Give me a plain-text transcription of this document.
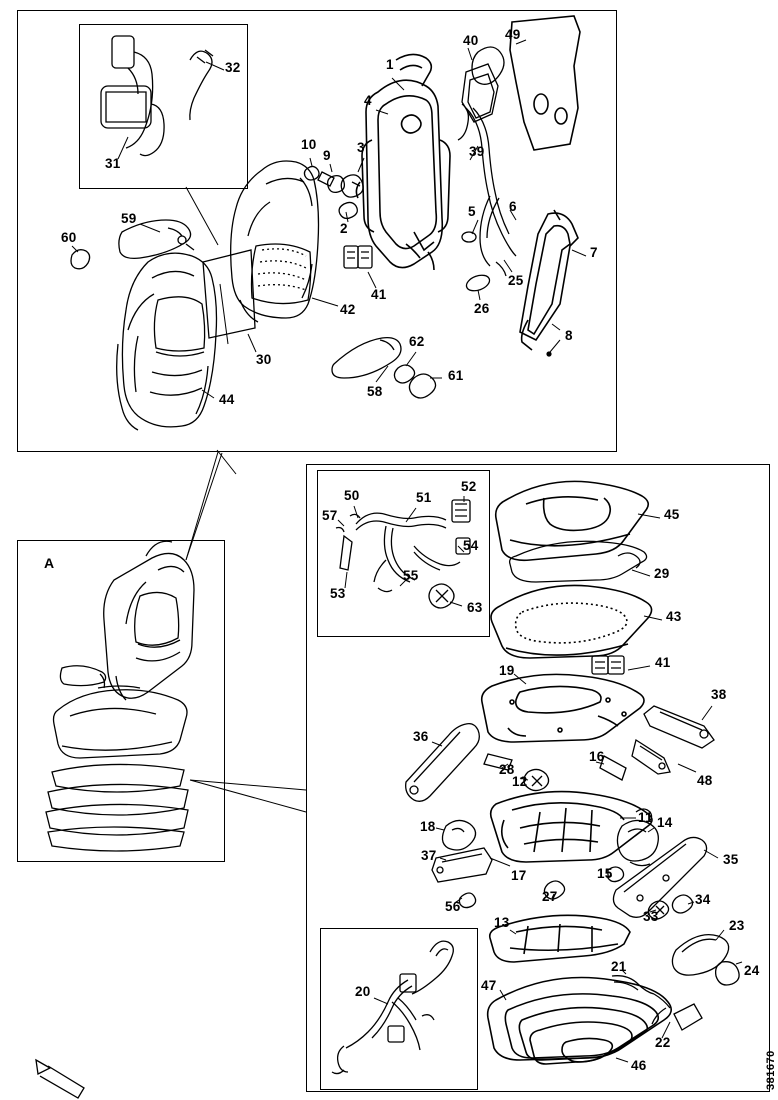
1
2
3
4
5 6
7
8
9
10
11
12
13
14
15
16
17
18
19
20
21
22
23
24
25
26
27
28
29
30
31
32
33
34
35
36
37
38
39
40
41
42
43
44
45
46
47
48
49
50	51
52
53
54
55
56
57
58
59
60
61
62
63
41
A
381670
